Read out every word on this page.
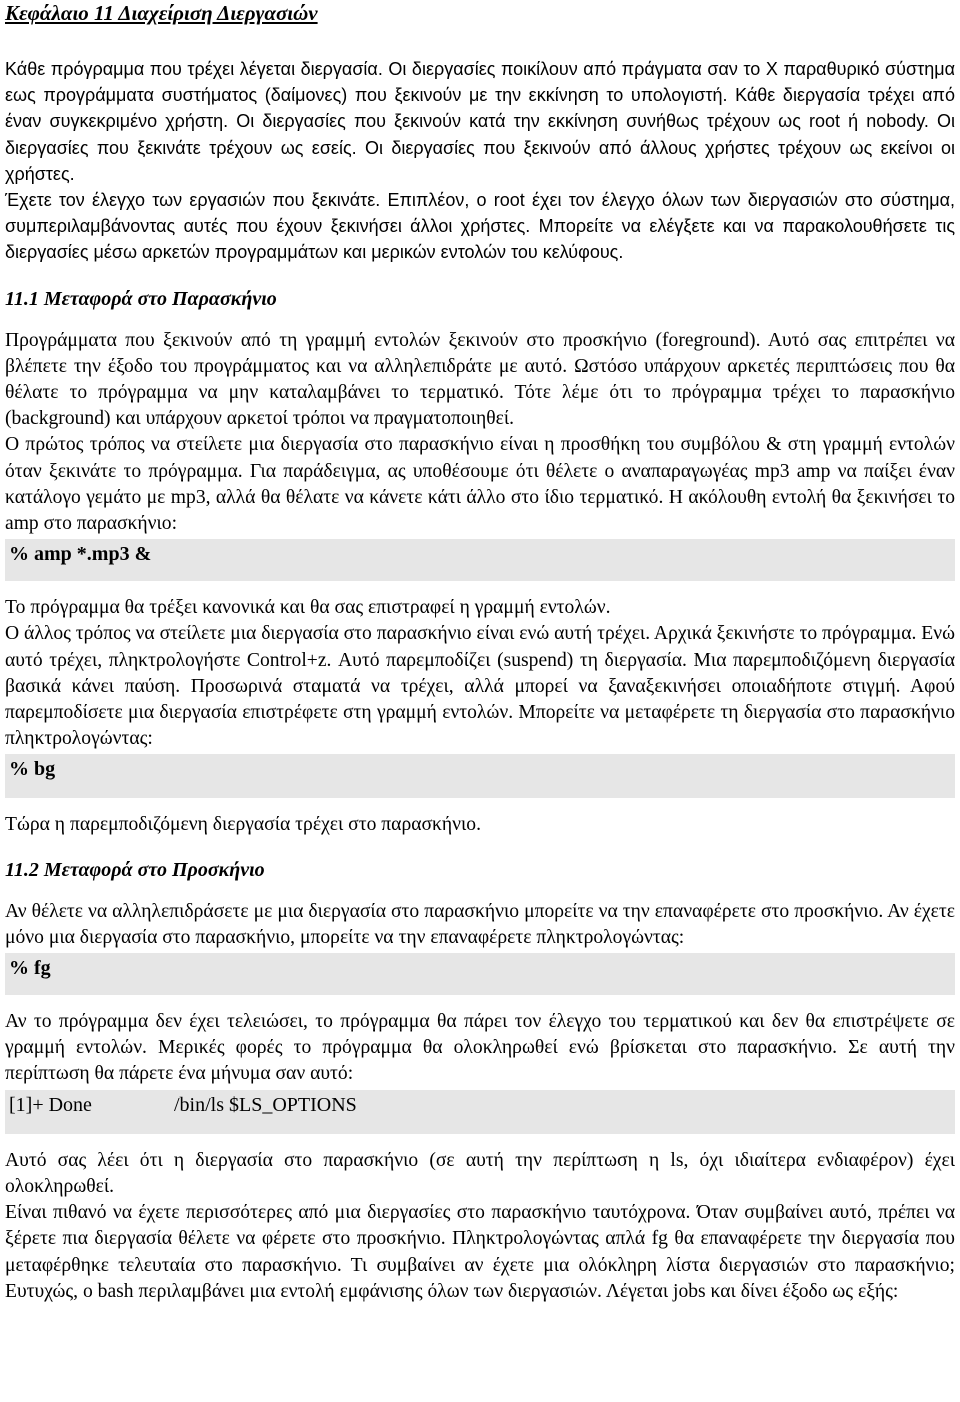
Κεφάλαιο 11 Διαχείριση Διεργασιών

Κάθε πρόγραμμα που τρέχει λέγεται διεργασία. Οι διεργασίες ποικίλουν από πράγματα σαν το X παραθυρικό σύστημα εως προγράμματα συστήματος (δαίμονες) που ξεκινούν με την εκκίνηση το υπολογιστή. Κάθε διεργασία τρέχει από έναν συγκεκριμένο χρήστη. Οι διεργασίες που ξεκινούν κατά την εκκίνηση συνήθως τρέχουν ως root ή nobody. Οι διεργασίες που ξεκινάτε τρέχουν ως εσείς. Οι διεργασίες που ξεκινούν από άλλους χρήστες τρέχουν ως εκείνοι οι χρήστες.

Έχετε τον έλεγχο των εργασιών που ξεκινάτε. Επιπλέον, ο root έχει τον έλεγχο όλων των διεργασιών στο σύστημα, συμπεριλαμβάνοντας αυτές που έχουν ξεκινήσει άλλοι χρήστες. Μπορείτε να ελέγξετε και να παρακολουθήσετε τις διεργασίες μέσω αρκετών προγραμμάτων και μερικών εντολών του κελύφους.

11.1 Μεταφορά στο Παρασκήνιο

Προγράμματα που ξεκινούν από τη γραμμή εντολών ξεκινούν στο προσκήνιο (foreground). Αυτό σας επιτρέπει να βλέπετε την έξοδο του προγράμματος και να αλληλεπιδράτε με αυτό. Ωστόσο υπάρχουν αρκετές περιπτώσεις που θα θέλατε το πρόγραμμα να μην καταλαμβάνει το τερματικό. Τότε λέμε ότι το πρόγραμμα τρέχει το παρασκήνιο (background) και υπάρχουν αρκετοί τρόποι να πραγματοποιηθεί.

Ο πρώτος τρόπος να στείλετε μια διεργασία στο παρασκήνιο είναι η προσθήκη του συμβόλου & στη γραμμή εντολών όταν ξεκινάτε το πρόγραμμα. Για παράδειγμα, ας υποθέσουμε ότι θέλετε ο αναπαραγωγέας mp3 amp να παίξει έναν κατάλογο γεμάτο με mp3, αλλά θα θέλατε να κάνετε κάτι άλλο στο ίδιο τερματικό. Η ακόλουθη εντολή θα ξεκινήσει το amp στο παρασκήνιο:

% amp *.mp3 &

Το πρόγραμμα θα τρέξει κανονικά και θα σας επιστραφεί η γραμμή εντολών.

Ο άλλος τρόπος να στείλετε μια διεργασία στο παρασκήνιο είναι ενώ αυτή τρέχει. Αρχικά ξεκινήστε το πρόγραμμα. Ενώ αυτό τρέχει, πληκτρολογήστε Control+z. Αυτό παρεμποδίζει (suspend) τη διεργασία. Μια παρεμποδιζόμενη διεργασία βασικά κάνει παύση. Προσωρινά σταματά να τρέχει, αλλά μπορεί να ξαναξεκινήσει οποιαδήποτε στιγμή. Αφού παρεμποδίσετε μια διεργασία επιστρέφετε στη γραμμή εντολών. Μπορείτε να μεταφέρετε τη διεργασία στο παρασκήνιο πληκτρολογώντας:

% bg

Τώρα η παρεμποδιζόμενη διεργασία τρέχει στο παρασκήνιο.

11.2 Μεταφορά στο Προσκήνιο

Αν θέλετε να αλληλεπιδράσετε με μια διεργασία στο παρασκήνιο μπορείτε να την επαναφέρετε στο προσκήνιο. Αν έχετε μόνο μια διεργασία στο παρασκήνιο, μπορείτε να την επαναφέρετε πληκτρολογώντας:

% fg

Αν το πρόγραμμα δεν έχει τελειώσει, το πρόγραμμα θα πάρει τον έλεγχο του τερματικού και δεν θα επιστρέψετε σε γραμμή εντολών. Μερικές φορές το πρόγραμμα θα ολοκληρωθεί ενώ βρίσκεται στο παρασκήνιο. Σε αυτή την περίπτωση θα πάρετε ένα μήνυμα σαν αυτό:

[1]+ Done	/bin/ls $LS_OPTIONS

Αυτό σας λέει ότι η διεργασία στο παρασκήνιο (σε αυτή την περίπτωση η ls, όχι ιδιαίτερα ενδιαφέρον) έχει ολοκληρωθεί.

Είναι πιθανό να έχετε περισσότερες από μια διεργασίες στο παρασκήνιο ταυτόχρονα. Όταν συμβαίνει αυτό, πρέπει να ξέρετε πια διεργασία θέλετε να φέρετε στο προσκήνιο. Πληκτρολογώντας απλά fg θα επαναφέρετε την διεργασία που μεταφέρθηκε τελευταία στο παρασκήνιο. Τι συμβαίνει αν έχετε μια ολόκληρη λίστα διεργασιών στο παρασκήνιο; Ευτυχώς, ο bash περιλαμβάνει μια εντολή εμφάνισης όλων των διεργασιών. Λέγεται jobs και δίνει έξοδο ως εξής:
